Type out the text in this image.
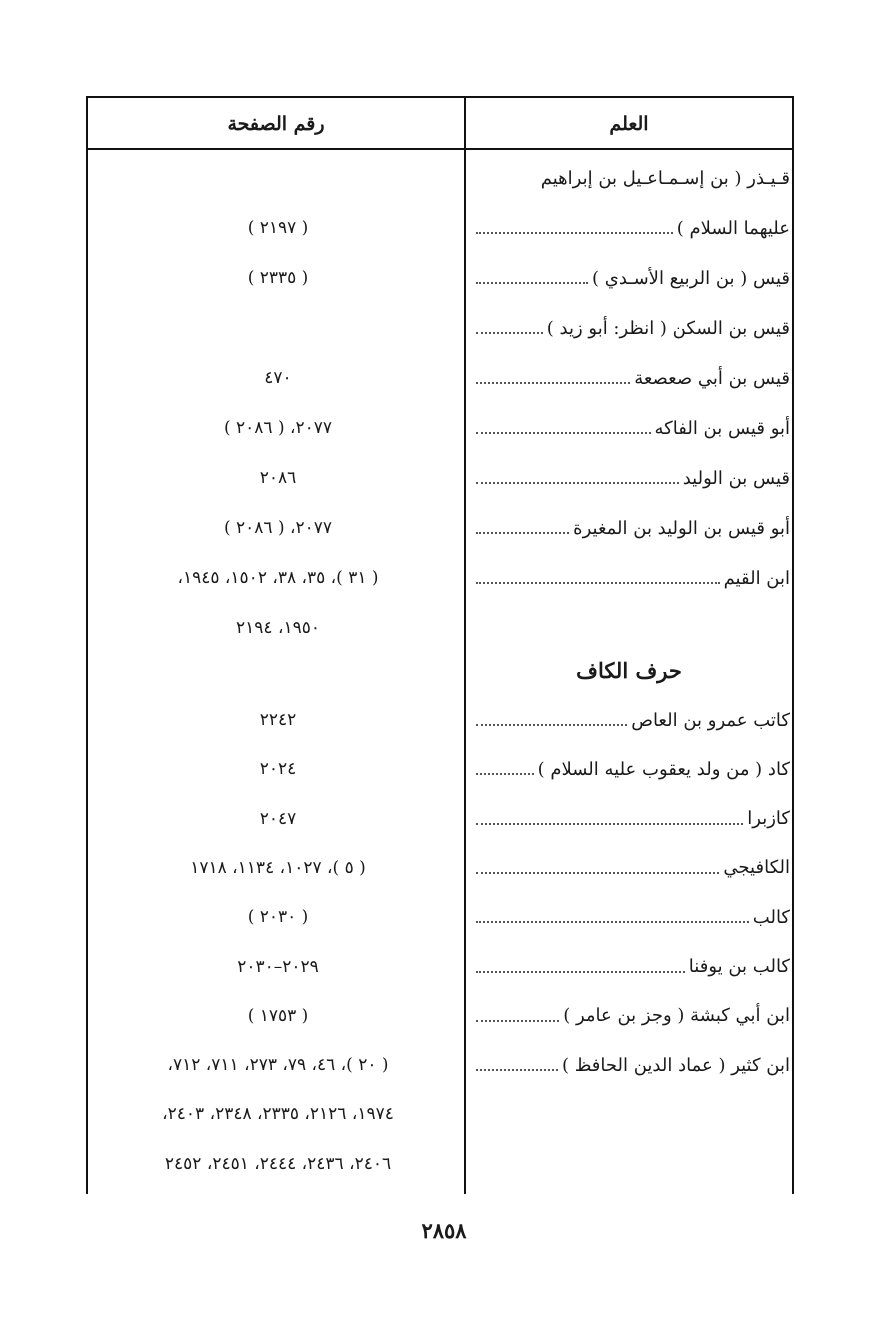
العلم
رقم الصفحة
قـيـذر ( بن إسـمـاعـيل بن إبراهيم
عليهما السلام )
( ٢١٩٧ )
قيس ( بن الربيع الأسـدي )
( ٢٣٣٥ )
قيس بن السكن ( انظر: أبو زيد )
قيس بن أبي صعصعة
٤٧٠
أبو قيس بن الفاكه
٢٠٧٧، ( ٢٠٨٦ )
قيس بن الوليد
٢٠٨٦
أبو قيس بن الوليد بن المغيرة
٢٠٧٧، ( ٢٠٨٦ )
ابن القيم
( ٣١ )، ٣٥، ٣٨، ١٥٠٢، ١٩٤٥،
١٩٥٠، ٢١٩٤
كاتب عمرو بن العاص
٢٢٤٢
كاد ( من ولد يعقوب عليه السلام )
٢٠٢٤
كازبرا
٢٠٤٧
الكافيجي
( ٥ )، ١٠٢٧، ١١٣٤، ١٧١٨
كالب
( ٢٠٣٠ )
كالب بن يوفنا
٢٠٢٩–٢٠٣٠
ابن أبي كبشة ( وجز بن عامر )
( ١٧٥٣ )
ابن كثير ( عماد الدين الحافظ )
( ٢٠ )، ٤٦، ٧٩، ٢٧٣، ٧١١، ٧١٢،
١٩٧٤، ٢١٢٦، ٢٣٣٥، ٢٣٤٨، ٢٤٠٣،
٢٤٠٦، ٢٤٣٦، ٢٤٤٤، ٢٤٥١، ٢٤٥٢
حرف الكاف
٢٨٥٨
